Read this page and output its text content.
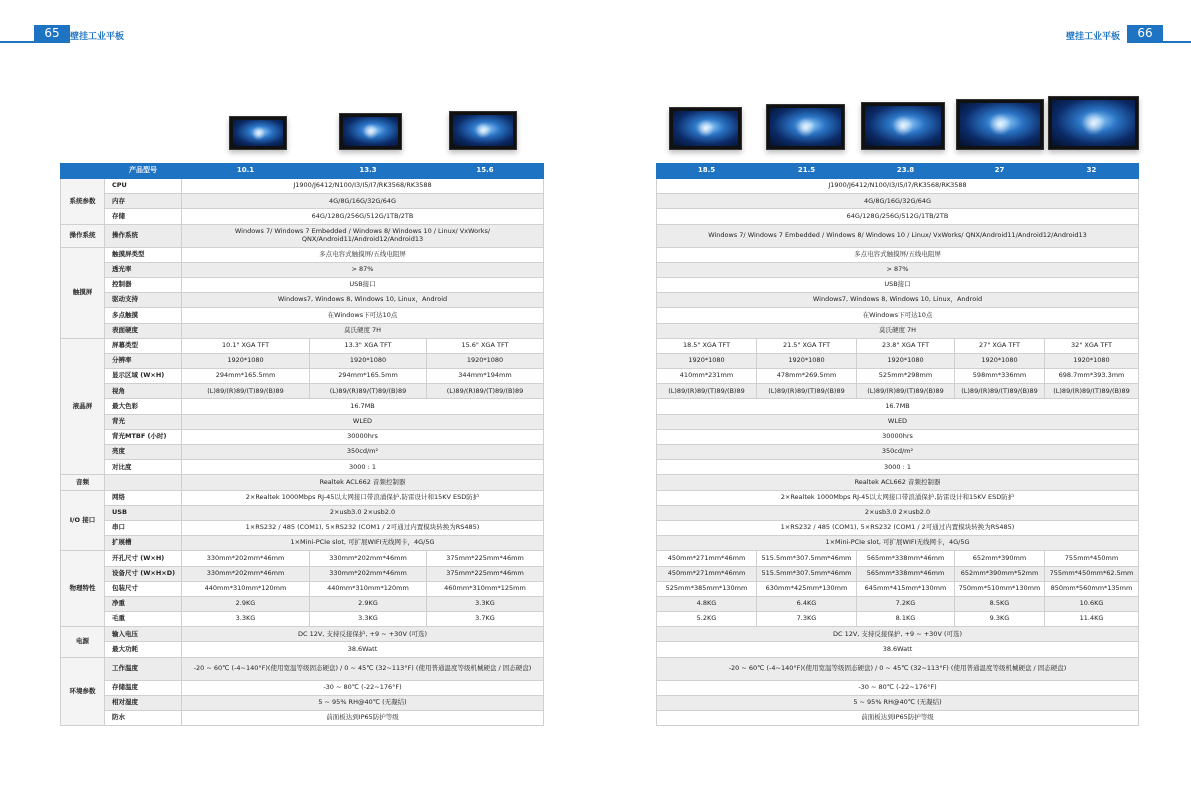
65	壁挂工业平板	66
壁挂工业平板
	产品型号	10.1	13.3	15.6
系统参数	CPU	J1900/J6412/N100/I3/I5/I7/RK3568/RK3588		
	内存	4G/8G/16G/32G/64G		
	存储	64G/128G/256G/512G/1TB/2TB		
操作系统	操作系统	Windows 7/ Windows 7 Embedded / Windows 8/ Windows 10 / Linux/ VxWorks/ QNX/Android11/Android12/Android13		
触摸屏	触摸屏类型	多点电容式触摸屏/五线电阻屏		
	透光率	> 87%		
	控制器	USB接口		
	驱动支持	Windows7, Windows 8, Windows 10, Linux，Android		
	多点触摸	在Windows下可达10点		
	表面硬度	莫氏硬度 7H		
液晶屏	屏幕类型	10.1" XGA TFT	13.3" XGA TFT	15.6" XGA TFT
	分辨率	1920*1080	1920*1080	1920*1080
	显示区域 (W×H)	294mm*165.5mm	294mm*165.5mm	344mm*194mm
	视角	(L)89/(R)89/(T)89/(B)89	(L)89/(R)89/(T)89/(B)89	(L)89/(R)89/(T)89/(B)89
	最大色彩	16.7MB		
	背光	WLED		
	背光MTBF (小时)	30000hrs		
	亮度	350cd/m²		
	对比度	3000 : 1		
音频		Realtek ACL662 音频控制器		
I/O 接口	网络	2×Realtek 1000Mbps RJ-45以太网接口带浪涌保护,防雷设计和15KV ESD防护		
	USB	2×usb3.0 2×usb2.0		
	串口	1×RS232 / 485 (COM1), 5×RS232 (COM1 / 2可通过内置模块转换为RS485)		
	扩展槽	1×Mini-PCIe slot, 可扩展WIFI无线网卡，4G/5G		
物理特性	开孔尺寸 (W×H)	330mm*202mm*46mm	330mm*202mm*46mm	375mm*225mm*46mm
	设备尺寸 (W×H×D)	330mm*202mm*46mm	330mm*202mm*46mm	375mm*225mm*46mm
	包装尺寸	440mm*310mm*120mm	440mm*310mm*120mm	460mm*310mm*125mm
	净重	2.9KG	2.9KG	3.3KG
	毛重	3.3KG	3.3KG	3.7KG
电源	输入电压	DC 12V, 支持反接保护, +9 ~ +30V (可选)		
	最大功耗	38.6Watt		
环境参数	工作温度	-20 ~ 60℃ (-4~140°F)(使用宽温等级固态硬盘) / 0 ~ 45℃ (32~113°F) (使用普通温度等级机械硬盘 / 固态硬盘)		
	存储温度	-30 ~ 80℃ (-22~176°F)		
	相对湿度	5 ~ 95% RH@40℃ (无凝结)		
	防水	前面板达到IP65防护等级		
18.5	21.5	23.8	27	32
J1900/J6412/N100/I3/I5/I7/RK3568/RK3588				
4G/8G/16G/32G/64G				
64G/128G/256G/512G/1TB/2TB				
Windows 7/ Windows 7 Embedded / Windows 8/ Windows 10 / Linux/ VxWorks/ QNX/Android11/Android12/Android13				
多点电容式触摸屏/五线电阻屏				
> 87%				
USB接口				
Windows7, Windows 8, Windows 10, Linux，Android				
在Windows下可达10点				
莫氏硬度 7H				
18.5" XGA TFT	21.5" XGA TFT	23.8" XGA TFT	27" XGA TFT	32" XGA TFT
1920*1080	1920*1080	1920*1080	1920*1080	1920*1080
410mm*231mm	478mm*269.5mm	525mm*298mm	598mm*336mm	698.7mm*393.3mm
(L)89/(R)89/(T)89/(B)89	(L)89/(R)89/(T)89/(B)89	(L)89/(R)89/(T)89/(B)89	(L)89/(R)89/(T)89/(B)89	(L)89/(R)89/(T)89/(B)89
16.7MB				
WLED				
30000hrs				
350cd/m²				
3000 : 1				
Realtek ACL662 音频控制器				
2×Realtek 1000Mbps RJ-45以太网接口带浪涌保护,防雷设计和15KV ESD防护				
2×usb3.0 2×usb2.0				
1×RS232 / 485 (COM1), 5×RS232 (COM1 / 2可通过内置模块转换为RS485)				
1×Mini-PCIe slot, 可扩展WIFI无线网卡，4G/5G				
450mm*271mm*46mm	515.5mm*307.5mm*46mm	565mm*338mm*46mm	652mm*390mm	755mm*450mm
450mm*271mm*46mm	515.5mm*307.5mm*46mm	565mm*338mm*46mm	652mm*390mm*52mm	755mm*450mm*62.5mm
525mm*385mm*130mm	630mm*425mm*130mm	645mm*415mm*130mm	750mm*510mm*130mm	850mm*560mm*135mm
4.8KG	6.4KG	7.2KG	8.5KG	10.6KG
5.2KG	7.3KG	8.1KG	9.3KG	11.4KG
DC 12V, 支持反接保护, +9 ~ +30V (可选)				
38.6Watt				
-20 ~ 60℃ (-4~140°F)(使用宽温等级固态硬盘) / 0 ~ 45℃ (32~113°F) (使用普通温度等级机械硬盘 / 固态硬盘)				
-30 ~ 80℃ (-22~176°F)				
5 ~ 95% RH@40℃ (无凝结)				
前面板达到IP65防护等级				
